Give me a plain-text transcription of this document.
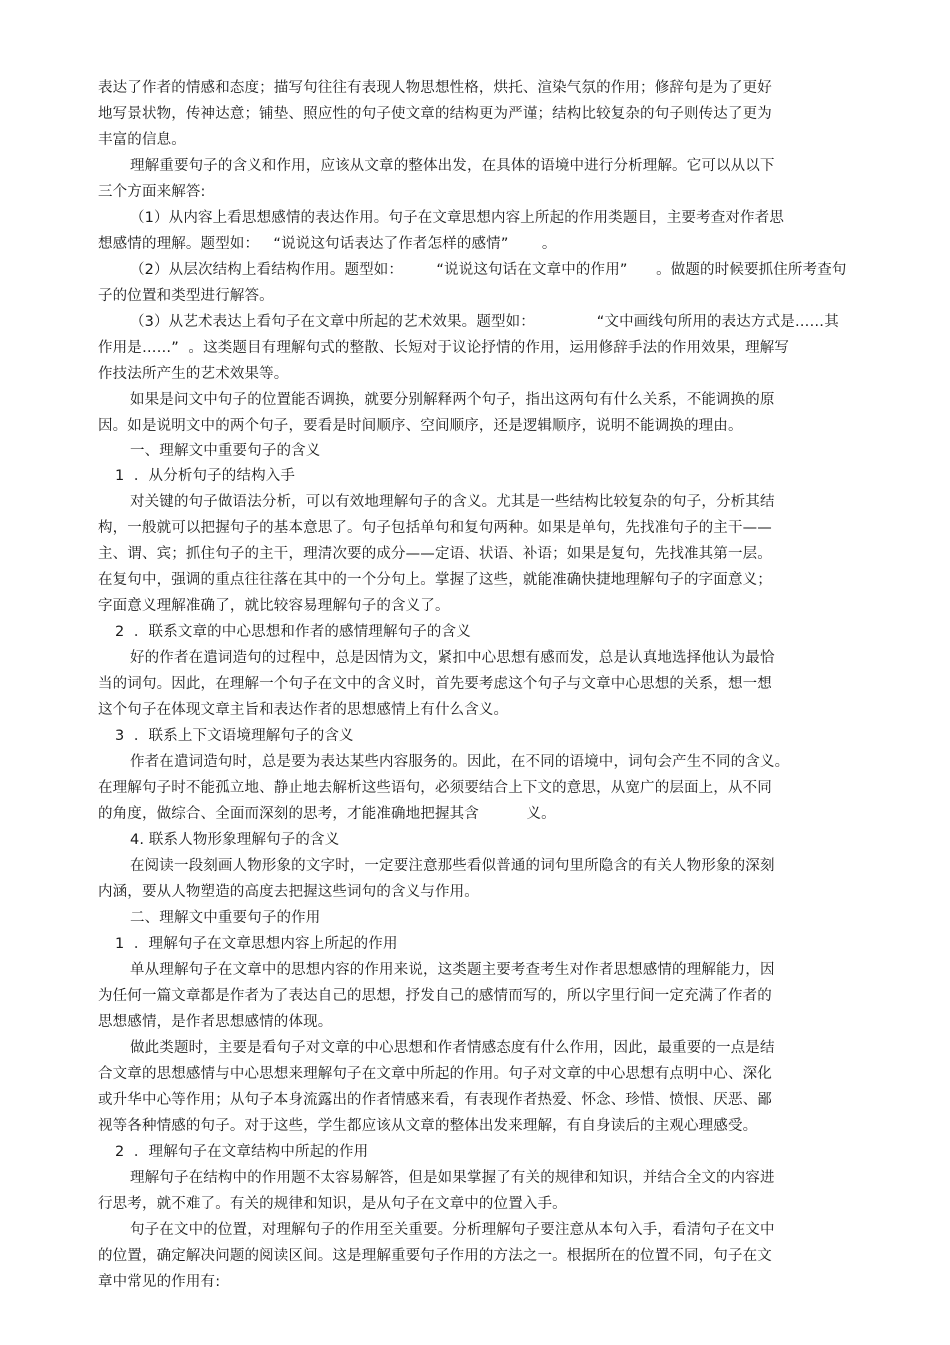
表达了作者的情感和态度；描写句往往有表现人物思想性格，烘托、渲染气氛的作用；修辞句是为了更好
地写景状物，传神达意；铺垫、照应性的句子使文章的结构更为严谨；结构比较复杂的句子则传达了更为
丰富的信息。
理解重要句子的含义和作用，应该从文章的整体出发，在具体的语境中进行分析理解。它可以从以下
三个方面来解答:
（1）从内容上看思想感情的表达作用。句子在文章思想内容上所起的作用类题目，主要考查对作者思
想感情的理解。题型如：   “说说这句话表达了作者怎样的感情”       。
（2）从层次结构上看结构作用。题型如：       “说说这句话在文章中的作用”      。做题的时候要抓住所考查句
子的位置和类型进行解答。
（3）从艺术表达上看句子在文章中所起的艺术效果。题型如：             “文中画线句所用的表达方式是……其
作用是……”  。这类题目有理解句式的整散、长短对于议论抒情的作用，运用修辞手法的作用效果，理解写
作技法所产生的艺术效果等。
如果是问文中句子的位置能否调换，就要分别解释两个句子，指出这两句有什么关系，不能调换的原
因。如是说明文中的两个句子，要看是时间顺序、空间顺序，还是逻辑顺序，说明不能调换的理由。
一、理解文中重要句子的含义
1  ．从分析句子的结构入手
对关键的句子做语法分析，可以有效地理解句子的含义。尤其是一些结构比较复杂的句子，分析其结
构，一般就可以把握句子的基本意思了。句子包括单句和复句两种。如果是单句，先找准句子的主干——
主、谓、宾；抓住句子的主干，理清次要的成分——定语、状语、补语；如果是复句，先找准其第一层。
在复句中，强调的重点往往落在其中的一个分句上。掌握了这些，就能准确快捷地理解句子的字面意义；
字面意义理解准确了，就比较容易理解句子的含义了。
2  ．联系文章的中心思想和作者的感情理解句子的含义
好的作者在遣词造句的过程中，总是因情为文，紧扣中心思想有感而发，总是认真地选择他认为最恰
当的词句。因此，在理解一个句子在文中的含义时，首先要考虑这个句子与文章中心思想的关系，想一想
这个句子在体现文章主旨和表达作者的思想感情上有什么含义。
3  ．联系上下文语境理解句子的含义
作者在遣词造句时，总是要为表达某些内容服务的。因此，在不同的语境中，词句会产生不同的含义。
在理解句子时不能孤立地、静止地去解析这些语句，必须要结合上下文的意思，从宽广的层面上，从不同
的角度，做综合、全面而深刻的思考，才能准确地把握其含          义。
4. 联系人物形象理解句子的含义
在阅读一段刻画人物形象的文字时，一定要注意那些看似普通的词句里所隐含的有关人物形象的深刻
内涵，要从人物塑造的高度去把握这些词句的含义与作用。
二、理解文中重要句子的作用
1  ．理解句子在文章思想内容上所起的作用
单从理解句子在文章中的思想内容的作用来说，这类题主要考查考生对作者思想感情的理解能力，因
为任何一篇文章都是作者为了表达自己的思想，抒发自己的感情而写的，所以字里行间一定充满了作者的
思想感情，是作者思想感情的体现。
做此类题时，主要是看句子对文章的中心思想和作者情感态度有什么作用，因此，最重要的一点是结
合文章的思想感情与中心思想来理解句子在文章中所起的作用。句子对文章的中心思想有点明中心、深化
或升华中心等作用；从句子本身流露出的作者情感来看，有表现作者热爱、怀念、珍惜、愤恨、厌恶、鄙
视等各种情感的句子。对于这些，学生都应该从文章的整体出发来理解，有自身读后的主观心理感受。
2  ．理解句子在文章结构中所起的作用
理解句子在结构中的作用题不太容易解答，但是如果掌握了有关的规律和知识，并结合全文的内容进
行思考，就不难了。有关的规律和知识，是从句子在文章中的位置入手。
句子在文中的位置，对理解句子的作用至关重要。分析理解句子要注意从本句入手，看清句子在文中
的位置，确定解决问题的阅读区间。这是理解重要句子作用的方法之一。根据所在的位置不同，句子在文
章中常见的作用有:
